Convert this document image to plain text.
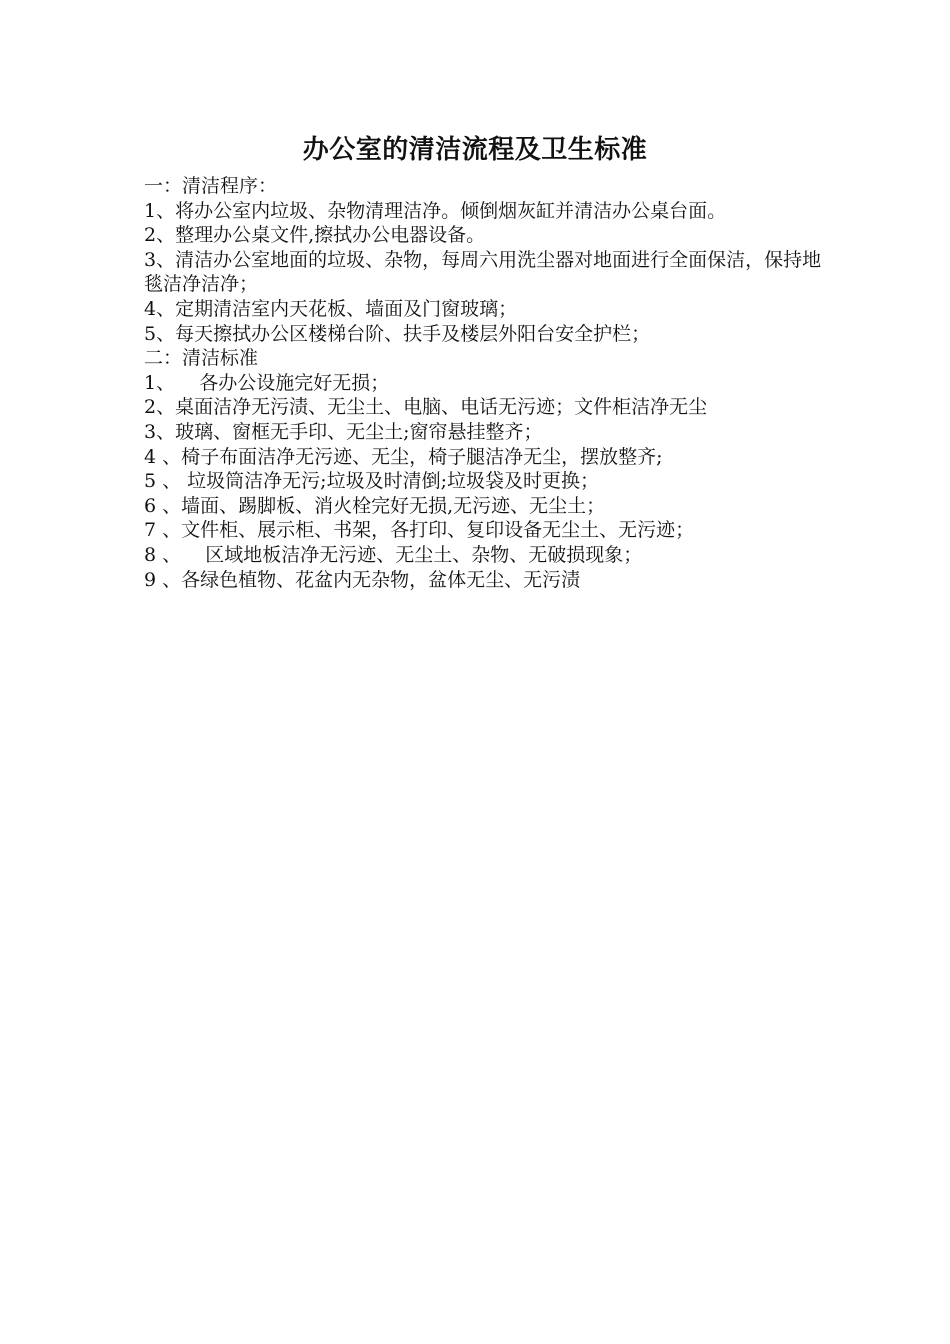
办公室的清洁流程及卫生标准
一：清洁程序：
1、将办公室内垃圾、杂物清理洁净。倾倒烟灰缸并清洁办公桌台面。
2、整理办公桌文件,擦拭办公电器设备。
3、清洁办公室地面的垃圾、杂物，每周六用洗尘器对地面进行全面保洁，保持地毯洁净洁净；
4、定期清洁室内天花板、墙面及门窗玻璃；
5、每天擦拭办公区楼梯台阶、扶手及楼层外阳台安全护栏；
二：清洁标准
1、    各办公设施完好无损；
2、桌面洁净无污渍、无尘土、电脑、电话无污迹；文件柜洁净无尘
3、玻璃、窗框无手印、无尘土;窗帘悬挂整齐；
4 、椅子布面洁净无污迹、无尘，椅子腿洁净无尘，摆放整齐;
5 、 垃圾筒洁净无污;垃圾及时清倒;垃圾袋及时更换；
6 、墙面、踢脚板、消火栓完好无损,无污迹、无尘土；
7 、文件柜、展示柜、书架，各打印、复印设备无尘土、无污迹；
8 、    区域地板洁净无污迹、无尘土、杂物、无破损现象；
9 、各绿色植物、花盆内无杂物，盆体无尘、无污渍
